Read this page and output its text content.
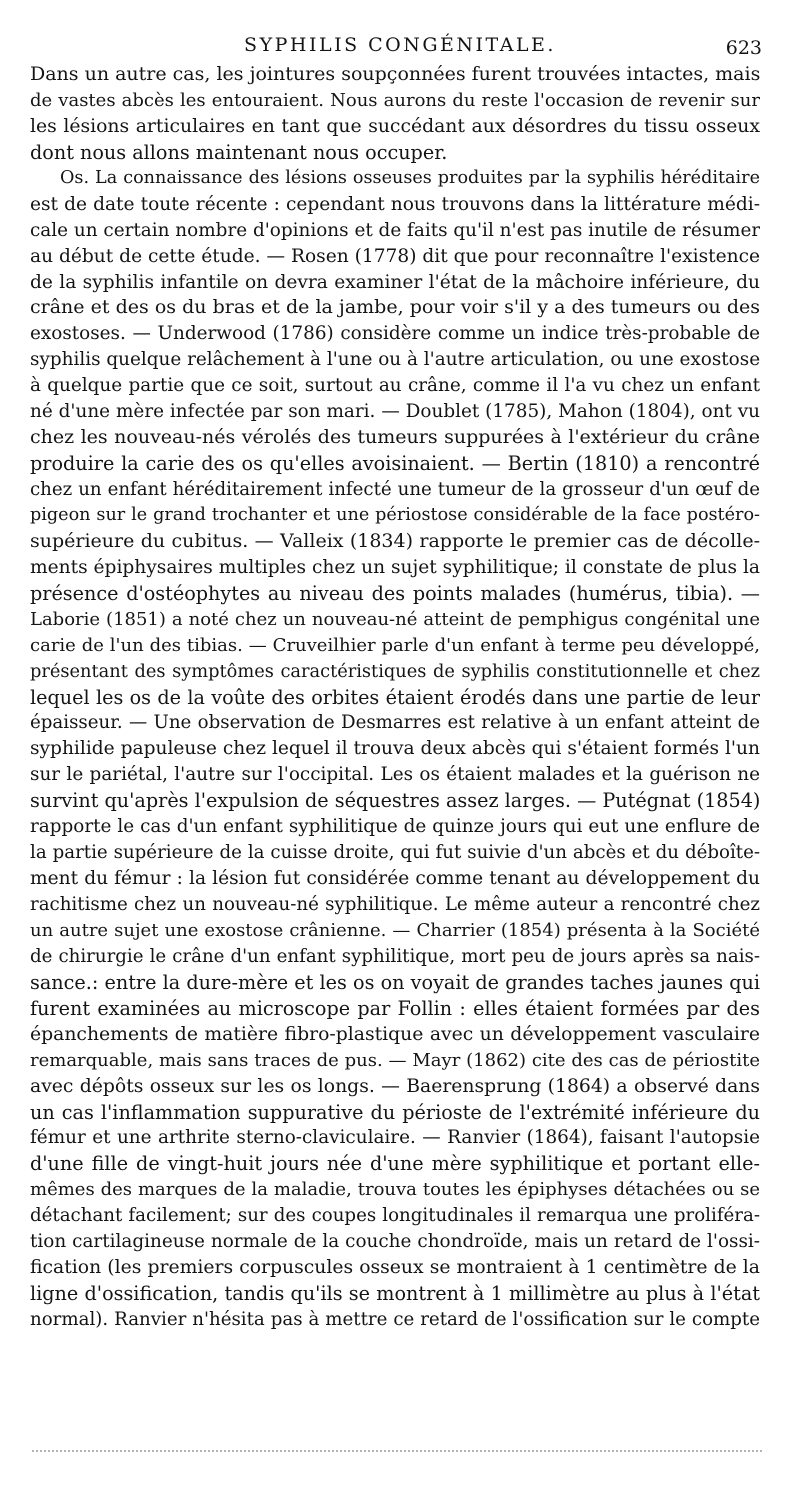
SYPHILIS CONGÉNITALE.	623
Dans un autre cas, les jointures soupçonnées furent trouvées intactes, mais
de vastes abcès les entouraient. Nous aurons du reste l'occasion de revenir sur
les lésions articulaires en tant que succédant aux désordres du tissu osseux
dont nous allons maintenant nous occuper.
Os. La connaissance des lésions osseuses produites par la syphilis héréditaire
est de date toute récente : cependant nous trouvons dans la littérature médi-
cale un certain nombre d'opinions et de faits qu'il n'est pas inutile de résumer
au début de cette étude. — Rosen (1778) dit que pour reconnaître l'existence
de la syphilis infantile on devra examiner l'état de la mâchoire inférieure, du
crâne et des os du bras et de la jambe, pour voir s'il y a des tumeurs ou des
exostoses. — Underwood (1786) considère comme un indice très-probable de
syphilis quelque relâchement à l'une ou à l'autre articulation, ou une exostose
à quelque partie que ce soit, surtout au crâne, comme il l'a vu chez un enfant
né d'une mère infectée par son mari. — Doublet (1785), Mahon (1804), ont vu
chez les nouveau-nés vérolés des tumeurs suppurées à l'extérieur du crâne
produire la carie des os qu'elles avoisinaient. — Bertin (1810) a rencontré
chez un enfant héréditairement infecté une tumeur de la grosseur d'un œuf de
pigeon sur le grand trochanter et une périostose considérable de la face postéro-
supérieure du cubitus. — Valleix (1834) rapporte le premier cas de décolle-
ments épiphysaires multiples chez un sujet syphilitique; il constate de plus la
présence d'ostéophytes au niveau des points malades (humérus, tibia). —
Laborie (1851) a noté chez un nouveau-né atteint de pemphigus congénital une
carie de l'un des tibias. — Cruveilhier parle d'un enfant à terme peu développé,
présentant des symptômes caractéristiques de syphilis constitutionnelle et chez
lequel les os de la voûte des orbites étaient érodés dans une partie de leur
épaisseur. — Une observation de Desmarres est relative à un enfant atteint de
syphilide papuleuse chez lequel il trouva deux abcès qui s'étaient formés l'un
sur le pariétal, l'autre sur l'occipital. Les os étaient malades et la guérison ne
survint qu'après l'expulsion de séquestres assez larges. — Putégnat (1854)
rapporte le cas d'un enfant syphilitique de quinze jours qui eut une enflure de
la partie supérieure de la cuisse droite, qui fut suivie d'un abcès et du déboîte-
ment du fémur : la lésion fut considérée comme tenant au développement du
rachitisme chez un nouveau-né syphilitique. Le même auteur a rencontré chez
un autre sujet une exostose crânienne. — Charrier (1854) présenta à la Société
de chirurgie le crâne d'un enfant syphilitique, mort peu de jours après sa nais-
sance.: entre la dure-mère et les os on voyait de grandes taches jaunes qui
furent examinées au microscope par Follin : elles étaient formées par des
épanchements de matière fibro-plastique avec un développement vasculaire
remarquable, mais sans traces de pus. — Mayr (1862) cite des cas de périostite
avec dépôts osseux sur les os longs. — Baerensprung (1864) a observé dans
un cas l'inflammation suppurative du périoste de l'extrémité inférieure du
fémur et une arthrite sterno-claviculaire. — Ranvier (1864), faisant l'autopsie
d'une fille de vingt-huit jours née d'une mère syphilitique et portant elle-
mêmes des marques de la maladie, trouva toutes les épiphyses détachées ou se
détachant facilement; sur des coupes longitudinales il remarqua une proliféra-
tion cartilagineuse normale de la couche chondroïde, mais un retard de l'ossi-
fication (les premiers corpuscules osseux se montraient à 1 centimètre de la
ligne d'ossification, tandis qu'ils se montrent à 1 millimètre au plus à l'état
normal). Ranvier n'hésita pas à mettre ce retard de l'ossification sur le compte
